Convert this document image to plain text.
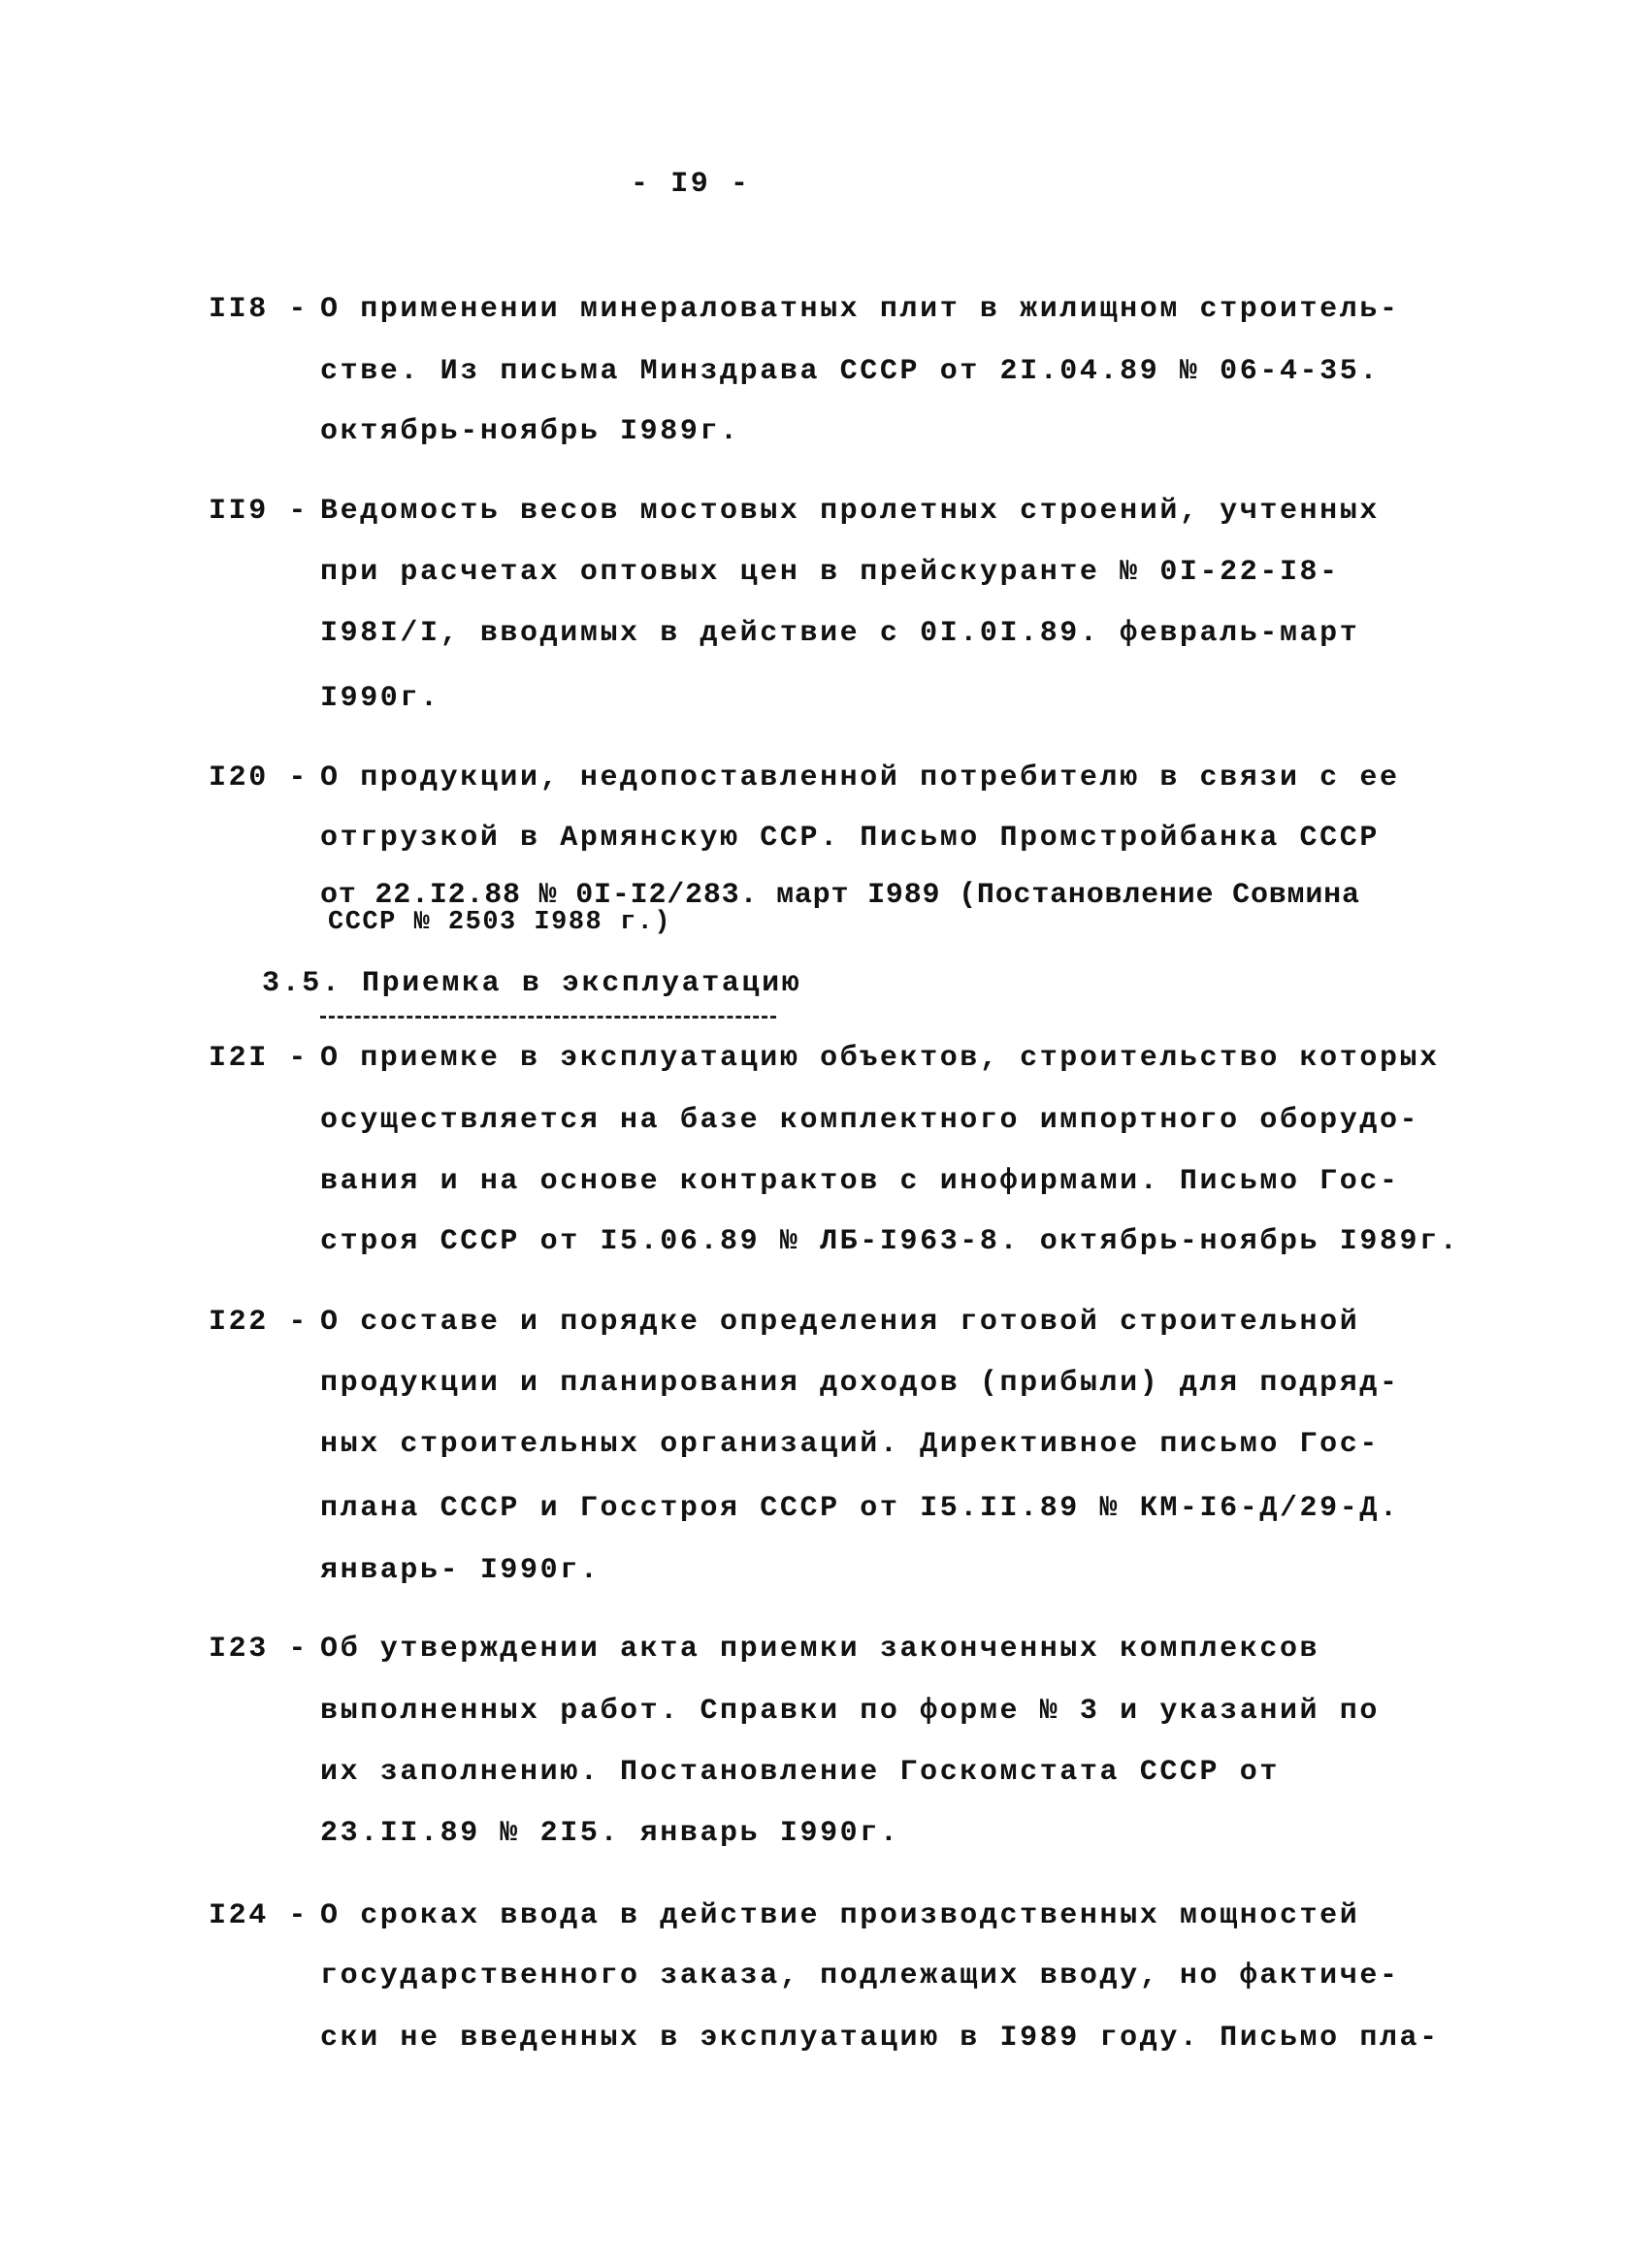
- I9 -
II8 - О применении минераловатных плит в жилищном строитель-
стве. Из письма Минздрава СССР от 2I.04.89 № 06-4-35.
октябрь-ноябрь I989г.
II9 - Ведомость весов мостовых пролетных строений, учтенных
при расчетах оптовых цен в прейскуранте № 0I-22-I8-
I98I/I, вводимых в действие с 0I.0I.89. февраль-март
I990г.
I20 - О продукции, недопоставленной потребителю в связи с ее
отгрузкой в Армянскую ССР. Письмо Промстройбанка СССР
от 22.I2.88 № 0I-I2/283. март I989 (Постановление Совмина
СССР № 2503 I988 г.)
3.5. Приемка в эксплуатацию
I2I - О приемке в эксплуатацию объектов, строительство которых
осуществляется на базе комплектного импортного оборудо-
вания и на основе контрактов с инофирмами. Письмо Гос-
строя СССР от I5.06.89 № ЛБ-I963-8. октябрь-ноябрь I989г.
I22 - О составе и порядке определения готовой строительной
продукции и планирования доходов (прибыли) для подряд-
ных строительных организаций. Директивное письмо Гос-
плана СССР и Госстроя СССР от I5.II.89 № КМ-I6-Д/29-Д.
январь- I990г.
I23 - Об утверждении акта приемки законченных комплексов
выполненных работ. Справки по форме № 3 и указаний по
их заполнению. Постановление Госкомстата СССР от
23.II.89 № 2I5. январь I990г.
I24 - О сроках ввода в действие производственных мощностей
государственного заказа, подлежащих вводу, но фактиче-
ски не введенных в эксплуатацию в I989 году. Письмо пла-
